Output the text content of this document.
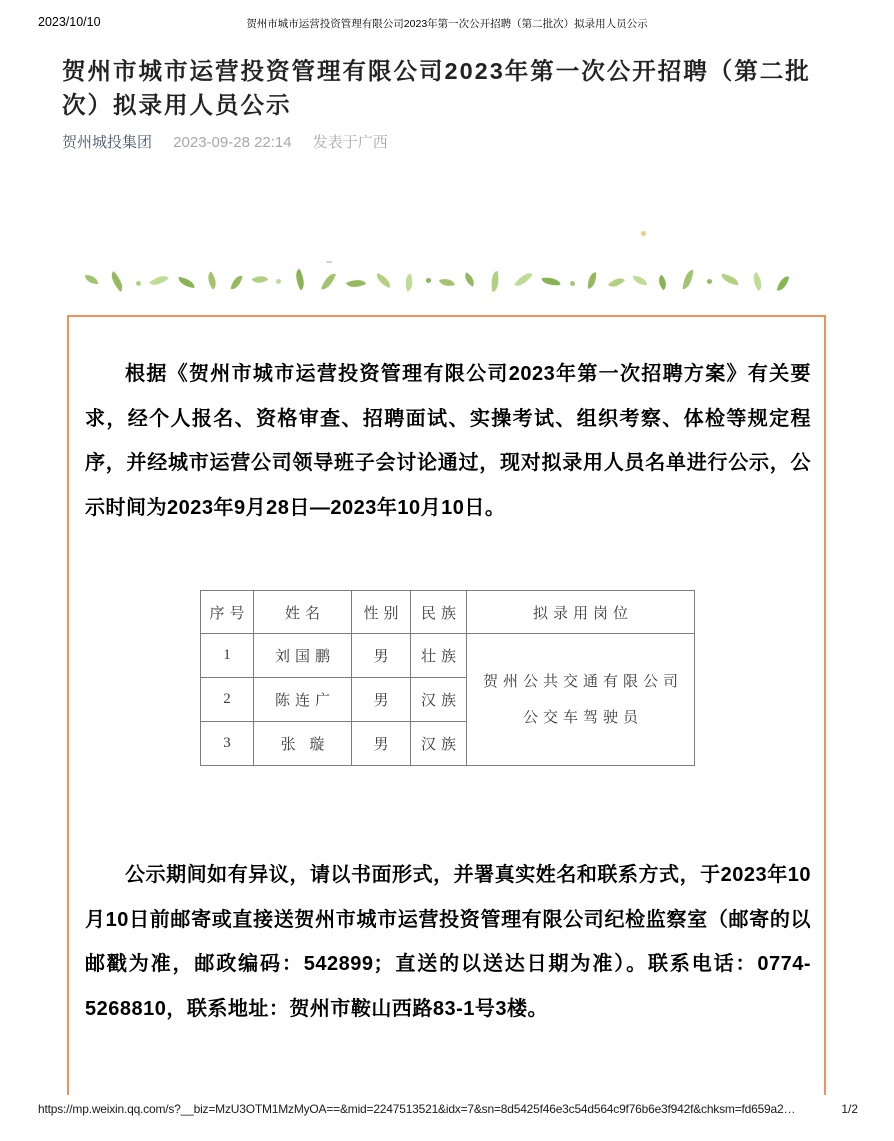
2023/10/10	贺州市城市运营投资管理有限公司2023年第一次公开招聘（第二批次）拟录用人员公示
贺州市城市运营投资管理有限公司2023年第一次公开招聘（第二批次）拟录用人员公示
贺州城投集团 2023-09-28 22:14 发表于广西

根据《贺州市城市运营投资管理有限公司2023年第一次招聘方案》有关要求，经个人报名、资格审查、招聘面试、实操考试、组织考察、体检等规定程序，并经城市运营公司领导班子会讨论通过，现对拟录用人员名单进行公示，公示时间为2023年9月28日—2023年10月10日。

序号	姓名	性别	民族	拟录用岗位
1	刘国鹏	男	壮族	贺州公共交通有限公司
公交车驾驶员

2	陈连广	男	汉族	
3	张 璇	男	汉族	

公示期间如有异议，请以书面形式，并署真实姓名和联系方式，于2023年10月10日前邮寄或直接送贺州市城市运营投资管理有限公司纪检监察室（邮寄的以邮戳为准，邮政编码：542899；直送的以送达日期为准）。联系电话：0774-5268810，联系地址：贺州市鞍山西路83-1号3楼。

https://mp.weixin.qq.com/s?__biz=MzU3OTM1MzMyOA==&mid=2247513521&idx=7&sn=8d5425f46e3c54d564c9f76b6e3f942f&chksm=fd659a2…	1/2
